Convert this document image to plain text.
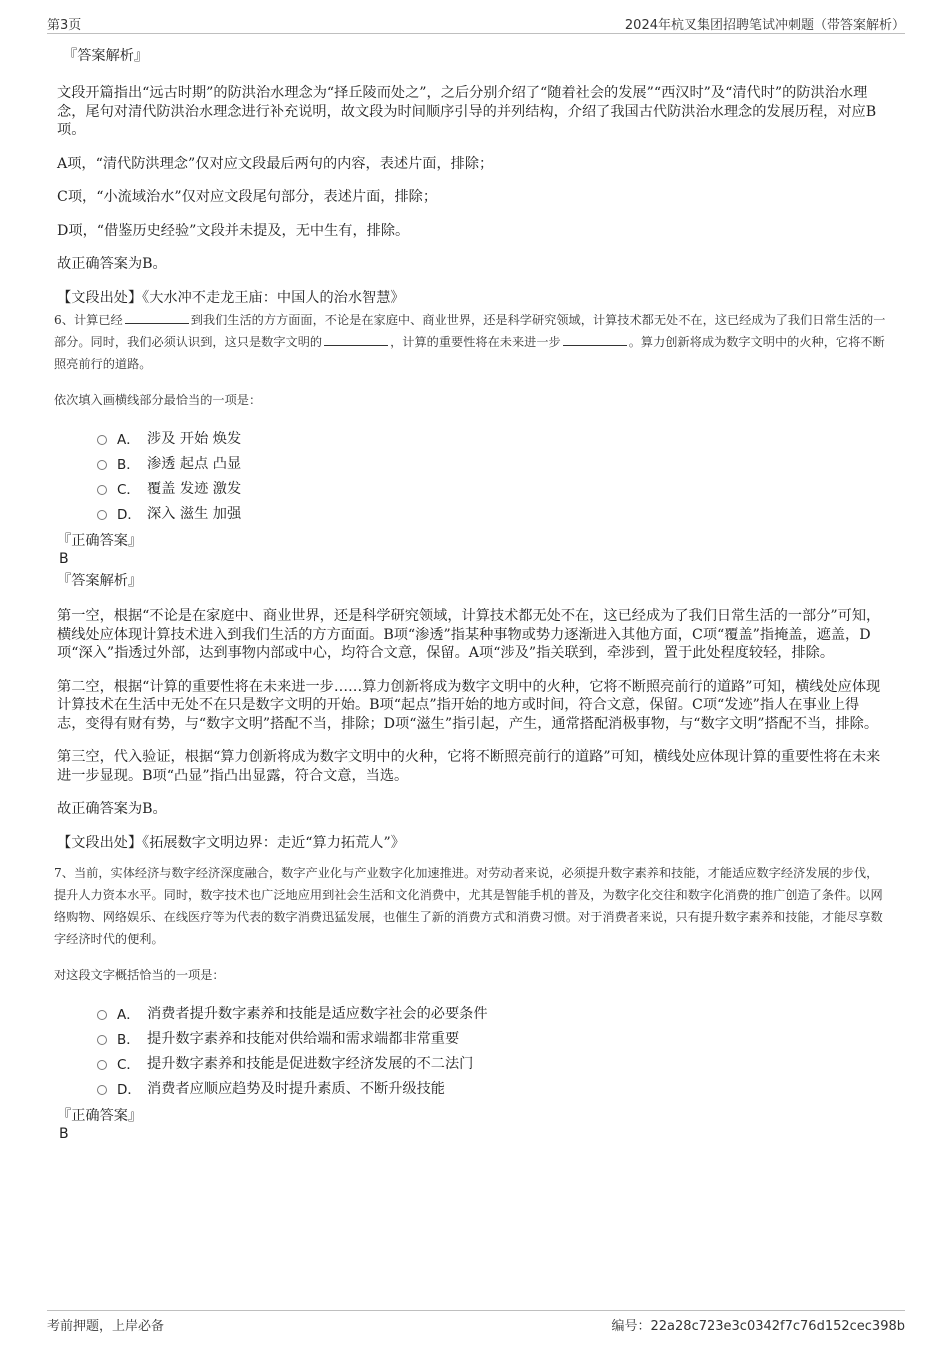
第3页	2024年杭叉集团招聘笔试冲刺题（带答案解析）
『答案解析』

文段开篇指出“远古时期”的防洪治水理念为“择丘陵而处之”，之后分别介绍了“随着社会的发展”“西汉时”及“清代时”的防洪治水理念，尾句对清代防洪治水理念进行补充说明，故文段为时间顺序引导的并列结构，介绍了我国古代防洪治水理念的发展历程，对应B项。

A项，“清代防洪理念”仅对应文段最后两句的内容，表述片面，排除；

C项，“小流域治水”仅对应文段尾句部分，表述片面，排除；

D项，“借鉴历史经验”文段并未提及，无中生有，排除。

故正确答案为B。

【文段出处】《大水冲不走龙王庙：中国人的治水智慧》

6、计算已经	到我们生活的方方面面，不论是在家庭中、商业世界，还是科学研究领域，计算技术都无处不在，这已经成为了我们日常生活的一部分。同时，我们必须认识到，这只是数字文明的	，计算的重要性将在未来进一步	。算力创新将成为数字文明中的火种，它将不断照亮前行的道路。

依次填入画横线部分最恰当的一项是：

A． 涉及 开始 焕发
B． 渗透 起点 凸显
C． 覆盖 发迹 激发
D． 深入 滋生 加强
『正确答案』
B
『答案解析』

第一空，根据“不论是在家庭中、商业世界，还是科学研究领域，计算技术都无处不在，这已经成为了我们日常生活的一部分”可知，横线处应体现计算技术进入到我们生活的方方面面。B项“渗透”指某种事物或势力逐渐进入其他方面，C项“覆盖”指掩盖，遮盖，D项“深入”指透过外部，达到事物内部或中心，均符合文意，保留。A项“涉及”指关联到，牵涉到，置于此处程度较轻，排除。

第二空，根据“计算的重要性将在未来进一步……算力创新将成为数字文明中的火种，它将不断照亮前行的道路”可知，横线处应体现计算技术在生活中无处不在只是数字文明的开始。B项“起点”指开始的地方或时间，符合文意，保留。C项“发迹”指人在事业上得志，变得有财有势，与“数字文明”搭配不当，排除；D项“滋生”指引起，产生，通常搭配消极事物，与“数字文明”搭配不当，排除。

第三空，代入验证，根据“算力创新将成为数字文明中的火种，它将不断照亮前行的道路”可知，横线处应体现计算的重要性将在未来进一步显现。B项“凸显”指凸出显露，符合文意，当选。

故正确答案为B。

【文段出处】《拓展数字文明边界：走近“算力拓荒人”》

7、当前，实体经济与数字经济深度融合，数字产业化与产业数字化加速推进。对劳动者来说，必须提升数字素养和技能，才能适应数字经济发展的步伐，提升人力资本水平。同时，数字技术也广泛地应用到社会生活和文化消费中，尤其是智能手机的普及，为数字化交往和数字化消费的推广创造了条件。以网络购物、网络娱乐、在线医疗等为代表的数字消费迅猛发展，也催生了新的消费方式和消费习惯。对于消费者来说，只有提升数字素养和技能，才能尽享数字经济时代的便利。

对这段文字概括恰当的一项是：

A． 消费者提升数字素养和技能是适应数字社会的必要条件
B． 提升数字素养和技能对供给端和需求端都非常重要
C． 提升数字素养和技能是促进数字经济发展的不二法门
D． 消费者应顺应趋势及时提升素质、不断升级技能
『正确答案』
B
考前押题，上岸必备	编号：22a28c723e3c0342f7c76d152cec398b
